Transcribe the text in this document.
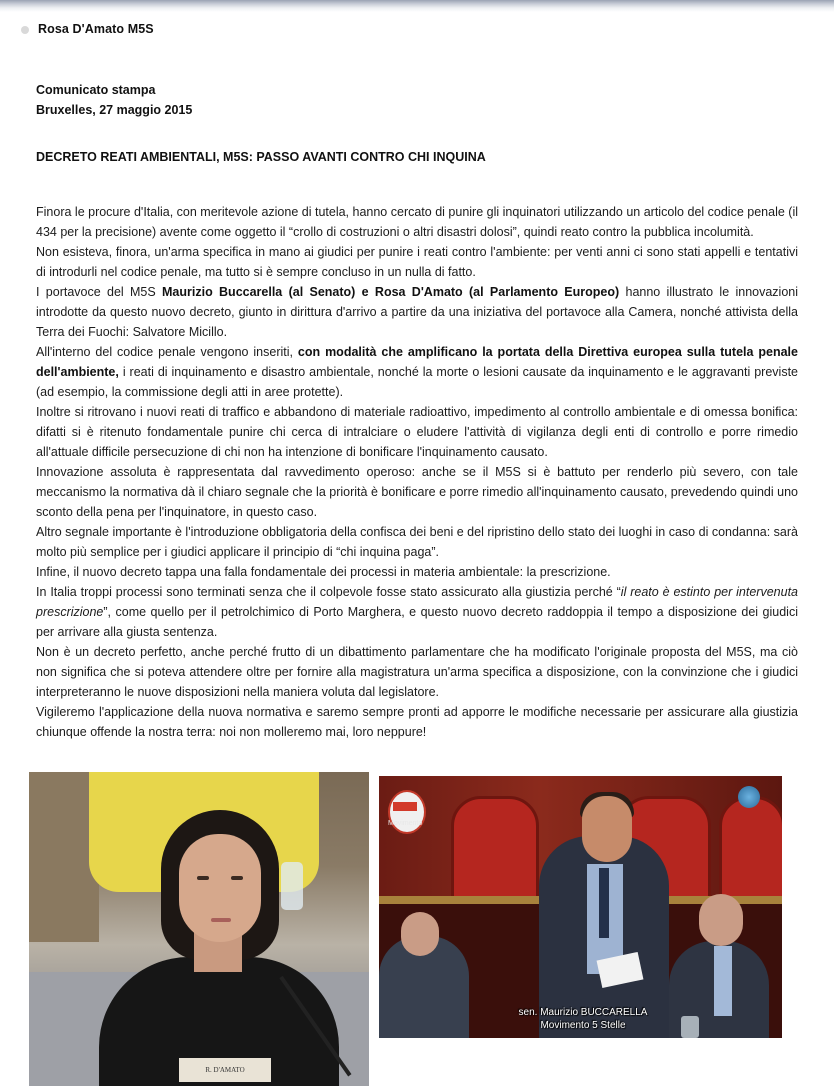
Rosa D'Amato M5S
Comunicato stampa
Bruxelles, 27 maggio 2015
DECRETO REATI AMBIENTALI, M5S: PASSO AVANTI CONTRO CHI INQUINA

Finora le procure d'Italia, con meritevole azione di tutela, hanno cercato di punire gli inquinatori utilizzando un articolo del codice penale (il 434 per la precisione) avente come oggetto il “crollo di costruzioni o altri disastri dolosi”, quindi reato contro la pubblica incolumità.

Non esisteva, finora, un'arma specifica in mano ai giudici per punire i reati contro l'ambiente: per venti anni ci sono stati appelli e tentativi di introdurli nel codice penale, ma tutto si è sempre concluso in un nulla di fatto.

I portavoce del M5S Maurizio Buccarella (al Senato) e Rosa D'Amato (al Parlamento Europeo) hanno illustrato le innovazioni introdotte da questo nuovo decreto, giunto in dirittura d'arrivo a partire da una iniziativa del portavoce alla Camera, nonché attivista della Terra dei Fuochi: Salvatore Micillo.

All'interno del codice penale vengono inseriti, con modalità che amplificano la portata della Direttiva europea sulla tutela penale dell'ambiente, i reati di inquinamento e disastro ambientale, nonché la morte o lesioni causate da inquinamento e le aggravanti previste (ad esempio, la commissione degli atti in aree protette).

Inoltre si ritrovano i nuovi reati di traffico e abbandono di materiale radioattivo, impedimento al controllo ambientale e di omessa bonifica: difatti si è ritenuto fondamentale punire chi cerca di intralciare o eludere l'attività di vigilanza degli enti di controllo e porre rimedio all'attuale difficile persecuzione di chi non ha intenzione di bonificare l'inquinamento causato.

Innovazione assoluta è rappresentata dal ravvedimento operoso: anche se il M5S si è battuto per renderlo più severo, con tale meccanismo la normativa dà il chiaro segnale che la priorità è bonificare e porre rimedio all'inquinamento causato, prevedendo quindi uno sconto della pena per l'inquinatore, in questo caso.

Altro segnale importante è l'introduzione obbligatoria della confisca dei beni e del ripristino dello stato dei luoghi in caso di condanna: sarà molto più semplice per i giudici applicare il principio di “chi inquina paga”.

Infine, il nuovo decreto tappa una falla fondamentale dei processi in materia ambientale: la prescrizione.

In Italia troppi processi sono terminati senza che il colpevole fosse stato assicurato alla giustizia perché “il reato è estinto per intervenuta prescrizione”, come quello per il petrolchimico di Porto Marghera, e questo nuovo decreto raddoppia il tempo a disposizione dei giudici per arrivare alla giusta sentenza.

Non è un decreto perfetto, anche perché frutto di un dibattimento parlamentare che ha modificato l'originale proposta del M5S, ma ciò non significa che si poteva attendere oltre per fornire alla magistratura un'arma specifica a disposizione, con la convinzione che i giudici interpreteranno le nuove disposizioni nella maniera voluta dal legislatore.

Vigileremo l'applicazione della nuova normativa e saremo sempre pronti ad apporre le modifiche necessarie per assicurare alla giustizia chiunque offende la nostra terra: noi non molleremo mai, loro neppure!

R. D'AMATO
Movimento
sen. Maurizio BUCCARELLA
Movimento 5 Stelle
